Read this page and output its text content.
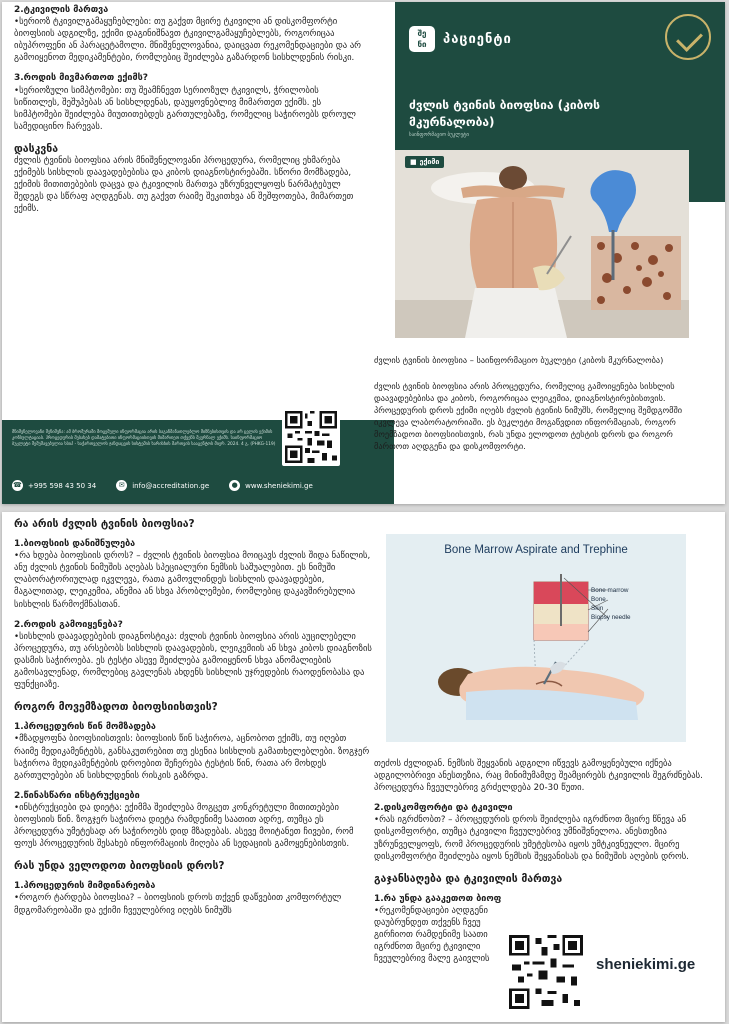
2.ტკივილის მართვა

•სერიოზ ტკივილგამაყუჩებლები: თუ გაქვთ მცირე ტკივილი ან დისკომფორტი ბიოფსიის ადგილზე, ექიმი დაგინიშნავთ ტკივილგამაყუჩებლებს, როგორიცაა იბუპროფენი ან პარაცეტამოლი. მნიშვნელოვანია, დაიცვათ რეკომენდაციები და არ გამოიყენოთ მედიკამენტები, რომლებიც შეიძლება გაზარდონ სისხლდენის რისკი.

3.როდის მივმართოთ ექიმს?

•სერიოზული სიმპტომები: თუ შეამჩნევთ სერიოზულ ტკივილს, ჭრილობის სიწითლეს, შეშუპებას ან სისხლდენას, დაუყოვნებლივ მიმართეთ ექიმს. ეს სიმპტომები შეიძლება მიუთითებდეს გართულებაზე, რომელიც საჭიროებს დროულ სამედიცინო ჩარევას.

დასკვნა

ძვლის ტვინის ბიოფსია არის მნიშვნელოვანი პროცედურა, რომელიც ეხმარება ექიმებს სისხლის დაავადებებისა და კიბოს დიაგნოსტირებაში. სწორი მომზადება, ექიმის მითითებების დაცვა და ტკივილის მართვა უზრუნველყოფს ნარმატებულ შედეგს და სწრაფ აღდგენას. თუ გაქვთ რაიმე შეკითხვა ან შეშფოთება, მიმართეთ ექიმს.

მნიშვნელოვანი შენიშვნა: ამ ბროშურაში მოცემული ინფორმაცია არის საგანმანათლებლო მიზნებისთვის და არ ცვლის ექიმის კონსულტაციას. პროცედურის შესახებ დამატებითი ინფორმაციისთვის მიმართეთ თქვენს მკურნალ ექიმს. საინფორმაციო ბუკლეტი შემუშავებულია სსიპ - საქართველოს ჯანდაცვის სისტემის ხარისხის მართვის სააგენტოს მიერ. 2024. 4 გ. (PHKG-119)
☎ +995 598 43 50 34	✉	info@accreditation.ge	●	www.sheniekimi.ge
შე
ნი	პაციენტი
ძვლის ტვინის ბიოფსია (კიბოს მკურნალობა)
საინფორმაციო ბუკლეტი
■ ექიმი

ძვლის ტვინის ბიოფსია – საინფორმაციო ბუკლეტი (კიბოს მკურნალობა)

ძვლის ტვინის ბიოფსია არის პროცედურა, რომელიც გამოიყენება სისხლის დაავადებებისა და კიბოს, როგორიცაა ლეიკემია, დიაგნოსტირებისთვის. პროცედურის დროს ექიმი იღებს ძვლის ტვინის ნიმუშს, რომელიც შემდგომში იკვლევა ლაბორატორიაში. ეს ბუკლეტი მოგაწვდით ინფორმაციას, როგორ მოემზადოთ ბიოფსიისთვის, რას უნდა ელოდოთ ტესტის დროს და როგორ მართოთ აღდგენა და დისკომფორტი.

რა არის ძვლის ტვინის ბიოფსია?
1.ბიოფსიის დანიშნულება

•რა ხდება ბიოფსიის დროს? – ძვლის ტვინის ბიოფსია მოიცავს ძვლის შიდა ნაწილის, ანუ ძვლის ტვინის ნიმუშის აღებას სპეციალური ნემსის საშუალებით. ეს ნიმუში ლაბორატორიულად იკვლევა, რათა გამოვლინდეს სისხლის დაავადებები, მაგალითად, ლეიკემია, ანემია ან სხვა პრობლემები, რომლებიც დაკავშირებულია სისხლის წარმოქმნასთან.

2.როდის გამოიყენება?

•სისხლის დაავადებების დიაგნოსტიკა: ძვლის ტვინის ბიოფსია არის აუცილებელი პროცედურა, თუ არსებობს სისხლის დაავადების, ლეიკემიის ან სხვა კიბოს დიაგნოზის დასმის საჭიროება. ეს ტესტი ასევე შეიძლება გამოიყენონ სხვა ანომალიების გამოსავლენად, რომლებიც გავლენას ახდენს სისხლის უჯრედების რაოდენობასა და ფუნქციაზე.

როგორ მოვემზადოთ ბიოფსიისთვის?
1.პროცედურის წინ მომზადება

•მზადყოფნა ბიოფსიისთვის: ბიოფსიის წინ საჭიროა, აცნობოთ ექიმს, თუ იღებთ რაიმე მედიკამენტებს, განსაკუთრებით თუ ესენია სისხლის გამათხელებლები. ზოგჯერ საჭიროა მედიკამენტების დროებით შეჩერება ტესტის წინ, რათა არ მოხდეს გართულებები ან სისხლდენის რისკის გაზრდა.

2.წინასწარი ინსტრუქციები

•ინსტრუქციები და დიეტა: ექიმმა შეიძლება მოგცეთ კონკრეტული მითითებები ბიოფსიის წინ. ზოგჯერ საჭიროა დიეტა რამდენიმე საათით ადრე, თუმცა ეს პროცედურა უმეტესად არ საჭიროებს დიდ მზადებას. ასევე მოიტანეთ ჩივები, რომ ფოუს პროცედურის შესახებ ინფორმაციის მიღება ან სედაციის გამოყენებისთვის.

რას უნდა ველოდოთ ბიოფსიის დროს?
1.პროცედურის მიმდინარეობა

•როგორ ტარდება ბიოფსია? – ბიოფსიის დროს თქვენ დაწვებით კომფორტულ მდგომარეობაში და ექიმი ჩვეულებრივ იღებს ნიმუშს

Bone Marrow Aspirate and Trephine
Bone marrow
Bone
Skin
Biopsy needle

თეძოს ძვლიდან. ნემსის შეყვანის ადგილი იწვევს გამოყენებული იქნება ადგილობრივი ანესთეზია, რაც მინიმუმამდე შეამცირებს ტკივილის შეგრძნებას. პროცედურა ჩვეულებრივ გრძელდება 20-30 წუთი.

2.დისკომფორტი და ტკივილი

•რას იგრძნობთ? – პროცედურის დროს შეიძლება იგრძნოთ მცირე წნევა ან დისკომფორტი, თუმცა ტკივილი ჩვეულებრივ უმნიშვნელოა. ანესთეზია უზრუნველყოფს, რომ პროცედურის უმეტესობა იყოს უმტკივნეულო. მცირე დისკომფორტი შეიძლება იყოს ნემსის შეყვანისას და ნიმუშის აღების დროს.

გაჯანსაღება და ტკივილის მართვა
1.რა უნდა გააკეთოთ ბიოფ

•რეკომენდაციები აღდგენი დაუბრუნდეთ თქვენს ჩვეუ გირჩიოთ რამდენიმე საათი იგრძნოთ მცირე ტკივილი ჩვეულებრივ მალე გაივლის	sheniekimi.ge
